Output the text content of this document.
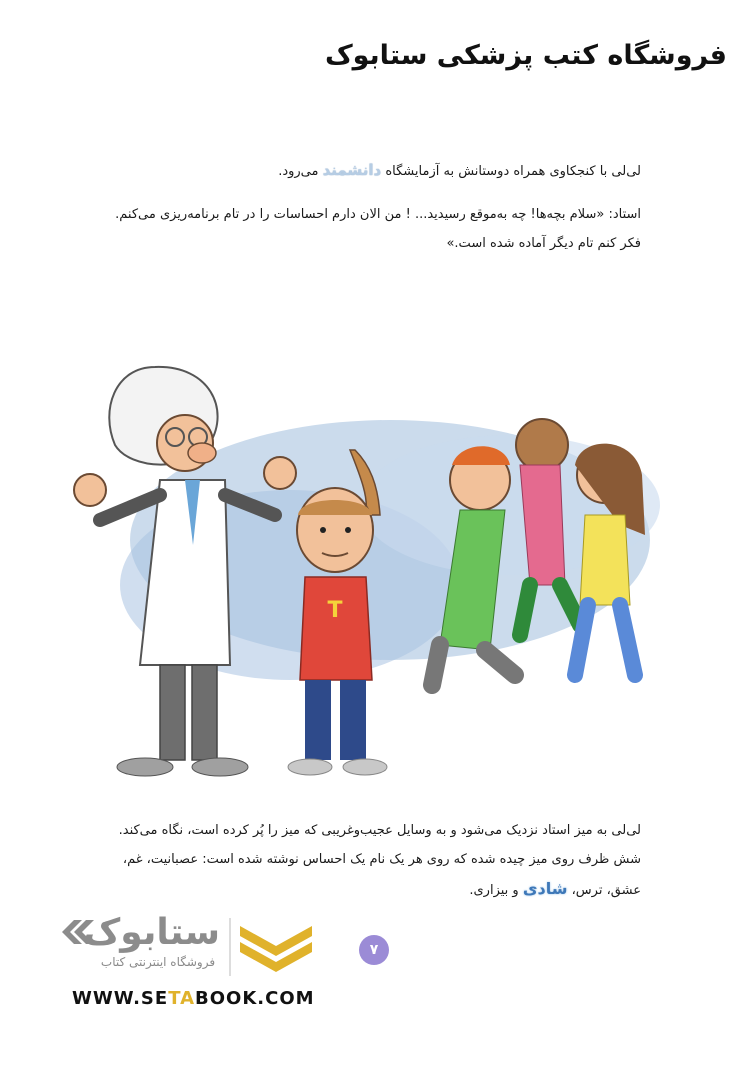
فروشگاه کتب پزشکی ستابوک
لی‌لی با کنجکاوی همراه دوستانش به آزمایشگاه دانشمند می‌رود.
استاد: «سلام بچه‌ها! چه به‌موقع رسیدید... ! من الان دارم احساسات را در تام برنامه‌ریزی می‌کنم.
فکر کنم تام دیگر آماده شده است.»
T
لی‌لی به میز استاد نزدیک می‌شود و به وسایل عجیب‌وغریبی که میز را پُر کرده است، نگاه می‌کند.
شش ظرف روی میز چیده شده که روی هر یک نام یک احساس نوشته شده است: عصبانیت، غم،
عشق، ترس، شادی و بیزاری.
ستابوک
فروشگاه اینترنتی کتاب
۷
WWW.SETABOOK.COM
